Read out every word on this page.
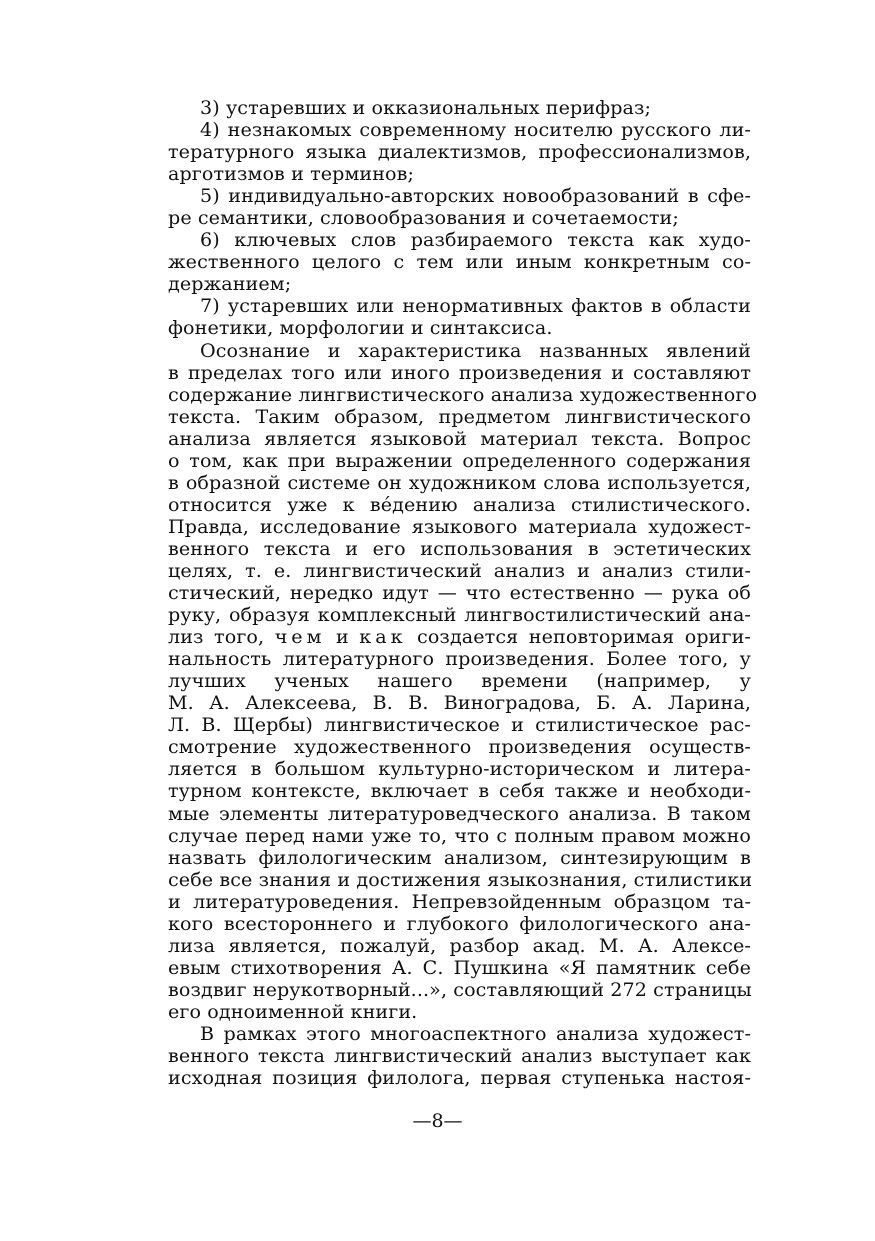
3) устаревших и окказиональных перифраз;

4) незнакомых современному носителю русского ли-
тературного языка диалектизмов, профессионализмов,
арготизмов и терминов;

5) индивидуально-авторских новообразований в сфе-
ре семантики, словообразования и сочетаемости;

6) ключевых слов разбираемого текста как худо-
жественного целого с тем или иным конкретным со-
держанием;

7) устаревших или ненормативных фактов в области
фонетики, морфологии и синтаксиса.

Осознание и характеристика названных явлений
в пределах того или иного произведения и составляют
содержание лингвистического анализа художественного
текста. Таким образом, предметом лингвистического
анализа является языковой материал текста. Вопрос
о том, как при выражении определенного содержания
в образной системе он художником слова используется,
относится уже к ве́дению анализа стилистического.
Правда, исследование языкового материала художест-
венного текста и его использования в эстетических
целях, т. е. лингвистический анализ и анализ стили-
стический, нередко идут — что естественно — рука об
руку, образуя комплексный лингвостилистический ана-
лиз того, чем и как создается неповторимая ориги-
нальность литературного произведения. Более того, у
лучших ученых нашего времени (например, у
М. А. Алексеева, В. В. Виноградова, Б. А. Ларина,
Л. В. Щербы) лингвистическое и стилистическое рас-
смотрение художественного произведения осуществ-
ляется в большом культурно-историческом и литера-
турном контексте, включает в себя также и необходи-
мые элементы литературоведческого анализа. В таком
случае перед нами уже то, что с полным правом можно
назвать филологическим анализом, синтезирующим в
себе все знания и достижения языкознания, стилистики
и литературоведения. Непревзойденным образцом та-
кого всестороннего и глубокого филологического ана-
лиза является, пожалуй, разбор акад. М. А. Алексе-
евым стихотворения А. С. Пушкина «Я памятник себе
воздвиг нерукотворный...», составляющий 272 страницы
его одноименной книги.

В рамках этого многоаспектного анализа художест-
венного текста лингвистический анализ выступает как
исходная позиция филолога, первая ступенька настоя-

—8—
